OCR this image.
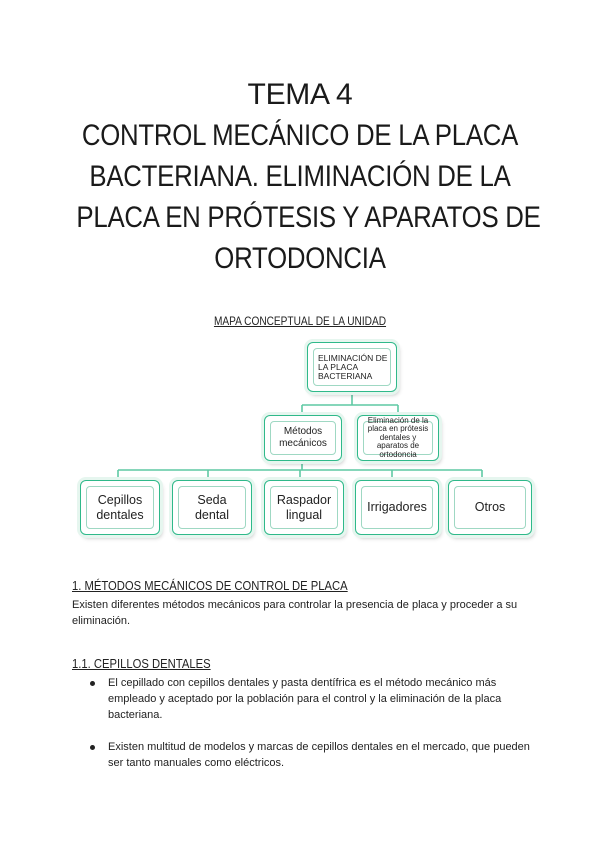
TEMA 4
CONTROL MECÁNICO DE LA PLACA
BACTERIANA. ELIMINACIÓN DE LA
PLACA EN PRÓTESIS Y APARATOS DE
ORTODONCIA
MAPA CONCEPTUAL DE LA UNIDAD
ELIMINACIÓN DE LA PLACA BACTERIANA
Métodos mecánicos
Eliminación de la placa en prótesis dentales y aparatos de ortodoncia
Cepillos dentales
Seda dental
Raspador lingual
Irrigadores	Otros
1. MÉTODOS MECÁNICOS DE CONTROL DE PLACA
Existen diferentes métodos mecánicos para controlar la presencia de placa y proceder a su eliminación.
1.1. CEPILLOS DENTALES
El cepillado con cepillos dentales y pasta dentífrica es el método mecánico más empleado y aceptado por la población para el control y la eliminación de la placa bacteriana.
Existen multitud de modelos y marcas de cepillos dentales en el mercado, que pueden ser tanto manuales como eléctricos.
